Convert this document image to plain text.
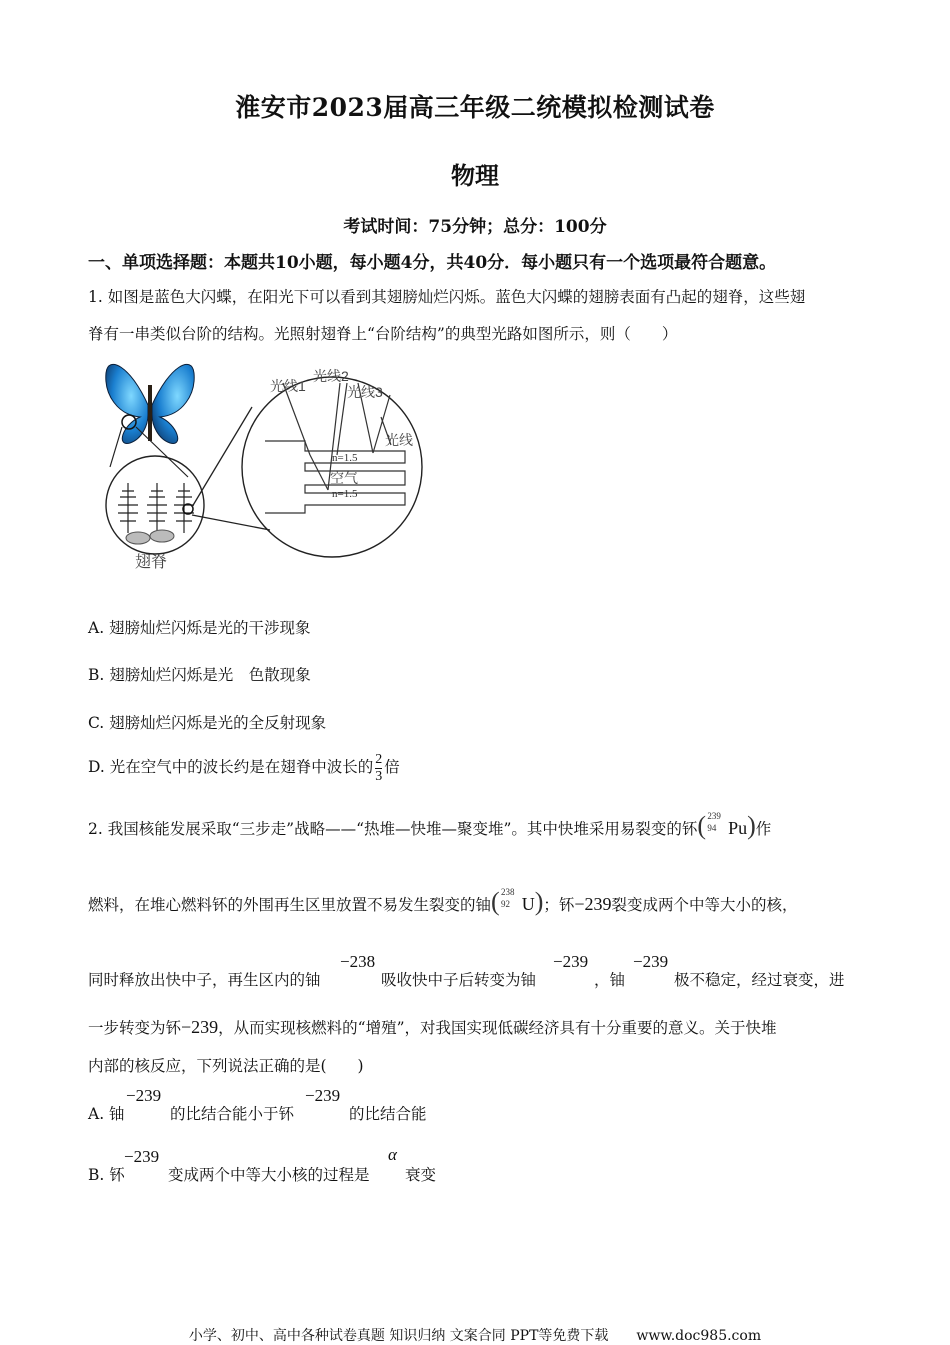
淮安市2023届高三年级二统模拟检测试卷
物理
考试时间：75分钟；总分：100分
一、单项选择题：本题共10小题，每小题4分，共40分．每小题只有一个选项最符合题意。
1. 如图是蓝色大闪蝶，在阳光下可以看到其翅膀灿烂闪烁。蓝色大闪蝶的翅膀表面有凸起的翅脊，这些翅
脊有一串类似台阶的结构。光照射翅脊上“台阶结构”的典型光路如图所示，则（　　）
翅脊
光线1
光线2
光线3
光线
n=1.5
空气
n=1.5
A. 翅膀灿烂闪烁是光的干涉现象
B. 翅膀灿烂闪烁是光　色散现象
C. 翅膀灿烂闪烁是光的全反射现象
D. 光在空气中的波长约是在翅脊中波长的 $\frac{2}{3}$ 倍
2. 我国核能发展采取“三步走”战略——“热堆—快堆—聚变堆”。其中快堆采用易裂变的钚( 239
94 Pu)作
燃料，在堆心燃料钚的外围再生区里放置不易发生裂变的铀( 238
92 U)；钚−239裂变成两个中等大小的核，
同时释放出快中子，再生区内的铀
−238
吸收快中子后转变为铀
−239
，铀
−239
极不稳定，经过衰变，进
一步转变为钚−239，从而实现核燃料的“增殖”，对我国实现低碳经济具有十分重要的意义。关于快堆
内部的核反应，下列说法正确的是(　　)
A. 铀
−239
的比结合能小于钚
−239
的比结合能
B. 钚
−239
变成两个中等大小核的过程是
α
衰变
小学、初中、高中各种试卷真题 知识归纳 文案合同 PPT等免费下载　　www.doc985.com
